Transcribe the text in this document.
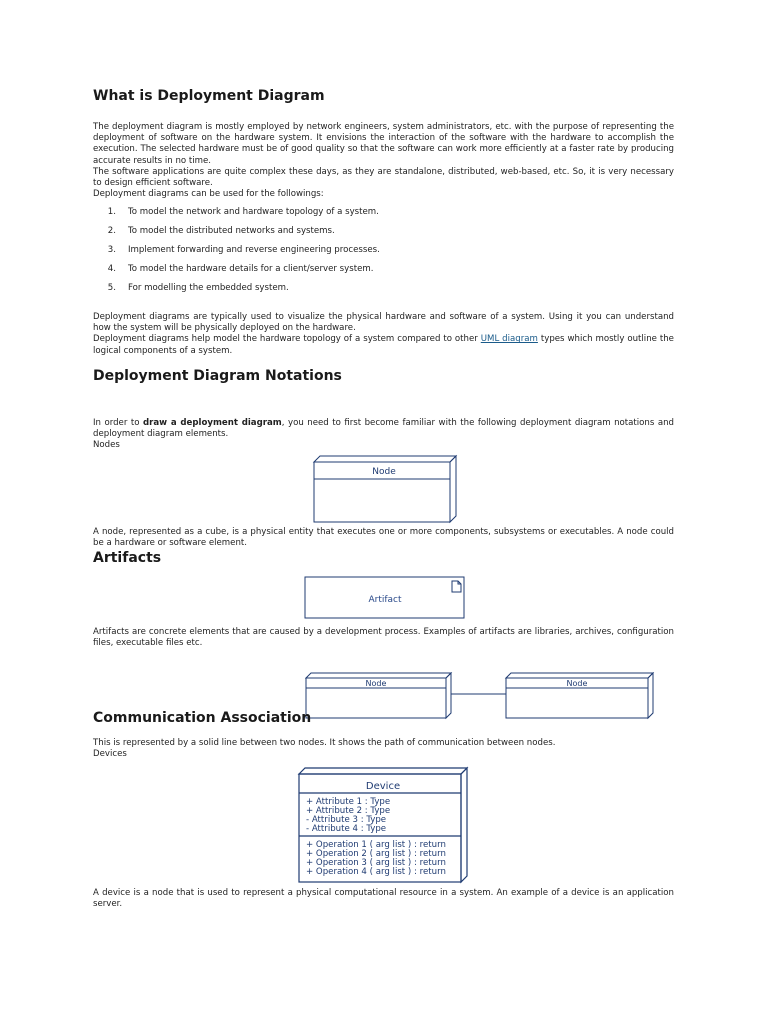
What is Deployment Diagram

The deployment diagram is mostly employed by network engineers, system administrators, etc. with the purpose of representing the deployment of software on the hardware system. It envisions the interaction of the software with the hardware to accomplish the execution. The selected hardware must be of good quality so that the software can work more efficiently at a faster rate by producing accurate results in no time.

The software applications are quite complex these days, as they are standalone, distributed, web-based, etc. So, it is very necessary to design efficient software.

Deployment diagrams can be used for the followings:

1. To model the network and hardware topology of a system.
2. To model the distributed networks and systems.
3. Implement forwarding and reverse engineering processes.
4. To model the hardware details for a client/server system.
5. For modelling the embedded system.

Deployment diagrams are typically used to visualize the physical hardware and software of a system. Using it you can understand how the system will be physically deployed on the hardware.

Deployment diagrams help model the hardware topology of a system compared to other UML diagram types which mostly outline the logical components of a system.

Deployment Diagram Notations

In order to draw a deployment diagram, you need to first become familiar with the following deployment diagram notations and deployment diagram elements.

Nodes

Node
A node, represented as a cube, is a physical entity that executes one or more components, subsystems or executables. A node could be a hardware or software element.
Artifacts
Artifact
Artifacts are concrete elements that are caused by a development process. Examples of artifacts are libraries, archives, configuration files, executable files etc.
Node	Node
Communication Association

This is represented by a solid line between two nodes. It shows the path of communication between nodes.

Devices

Device
+ Attribute 1 : Type
+ Attribute 2 : Type
- Attribute 3 : Type
- Attribute 4 : Type
+ Operation 1 ( arg list ) : return
+ Operation 2 ( arg list ) : return
+ Operation 3 ( arg list ) : return
+ Operation 4 ( arg list ) : return
A device is a node that is used to represent a physical computational resource in a system. An example of a device is an application server.
